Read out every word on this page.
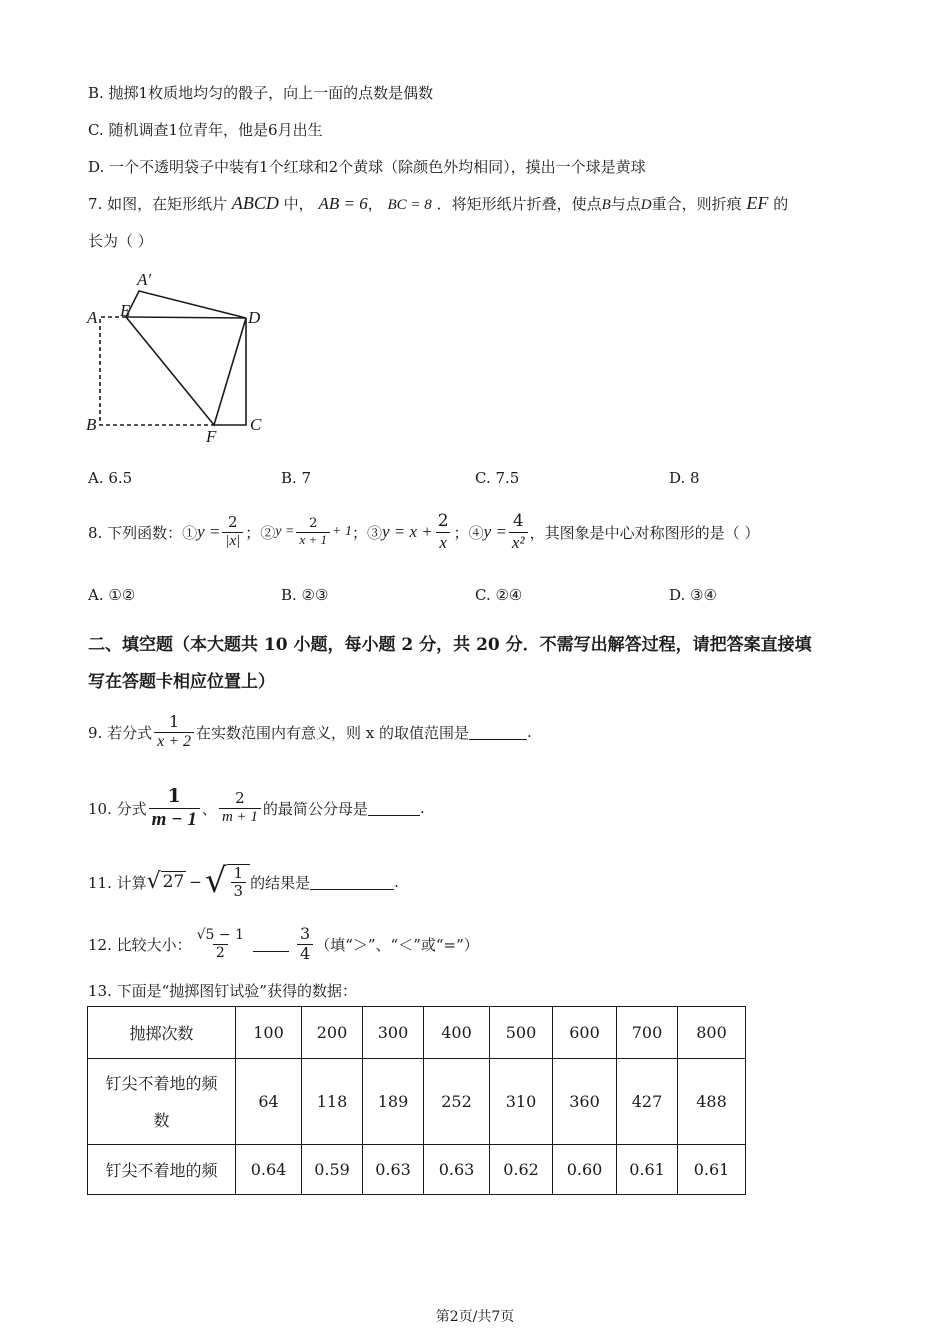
B. 抛掷1枚质地均匀的骰子，向上一面的点数是偶数
C. 随机调查1位青年，他是6月出生
D. 一个不透明袋子中装有1个红球和2个黄球（除颜色外均相同），摸出一个球是黄球
7. 如图，在矩形纸片 ABCD 中， AB = 6， BC = 8 ．将矩形纸片折叠，使点B与点D重合，则折痕 EF 的
长为（ ）
A′
A E	D
B
F
C
A. 6.5	B. 7	C. 7.5	D. 8
8. 下列函数：① $y = \frac{2}{|x|}$ ；② $y = \frac{2}{x + 1} + 1$ ；③ $y = x + \frac{2}{x}$ ；④ $y = \frac{4}{\text{x²}}$ ，其图象是中心对称图形的是（ ）
A. ①②	B. ②③	C. ②④	D. ③④
二、填空题（本大题共 10 小题，每小题 2 分，共 20 分．不需写出解答过程，请把答案直接填
写在答题卡相应位置上）
9. 若分式 $\frac{1}{x + 2}$ 在实数范围内有意义，则 x 的取值范围是	.
10. 分式 $\frac{1}{m - 1}$ 、 $\frac{2}{m + 1}$ 的最简公分母是	.
11. 计算 √ 27 − √ $\frac{1}{3}$ 的结果是	.
12. 比较大小： $\frac{√5 - 1}{2}$	$\frac{3}{4}$ （填“＞”、“＜”或“=”）
13. 下面是“抛掷图钉试验”获得的数据：
抛掷次数	100	200	300	400	500	600	700	800

钉尖不着地的频
数	64	118	189	252	310	360	427	488
钉尖不着地的频	0.64	0.59	0.63	0.63	0.62	0.60	0.61	0.61
第2页/共7页
